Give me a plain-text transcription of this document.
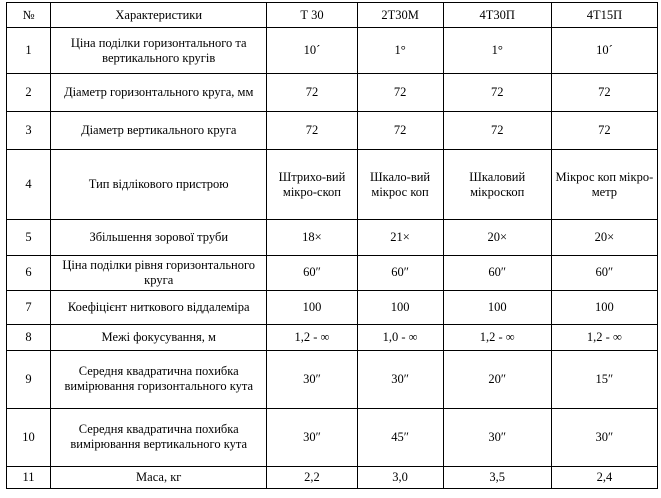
№	Характеристики	Т 30	2Т30М	4Т30П	4Т15П
1	Ціна поділки горизонтального та вертикального кругів	10´	1°	1°	10´
2	Діаметр горизонтального круга, мм	72	72	72	72
3	Діаметр вертикального круга	72	72	72	72
4	Тип відлікового пристрою	Штрихо-вий мікро-скоп	Шкало-вий мікрос коп	Шкаловий мікроскоп	Мікрос коп мікро-метр
5	Збільшення зорової труби	18×	21×	20×	20×
6	Ціна поділки рівня горизонтального круга	60″	60″	60″	60″
7	Коефіцієнт ниткового віддалеміра	100	100	100	100
8	Межі фокусування, м	1,2 - ∞	1,0 - ∞	1,2 - ∞	1,2 - ∞
9	Середня квадратична похибка вимірювання горизонтального кута	30″	30″	20″	15″
10	Середня квадратична похибка вимірювання вертикального кута	30″	45″	30″	30″
11	Маса, кг	2,2	3,0	3,5	2,4
